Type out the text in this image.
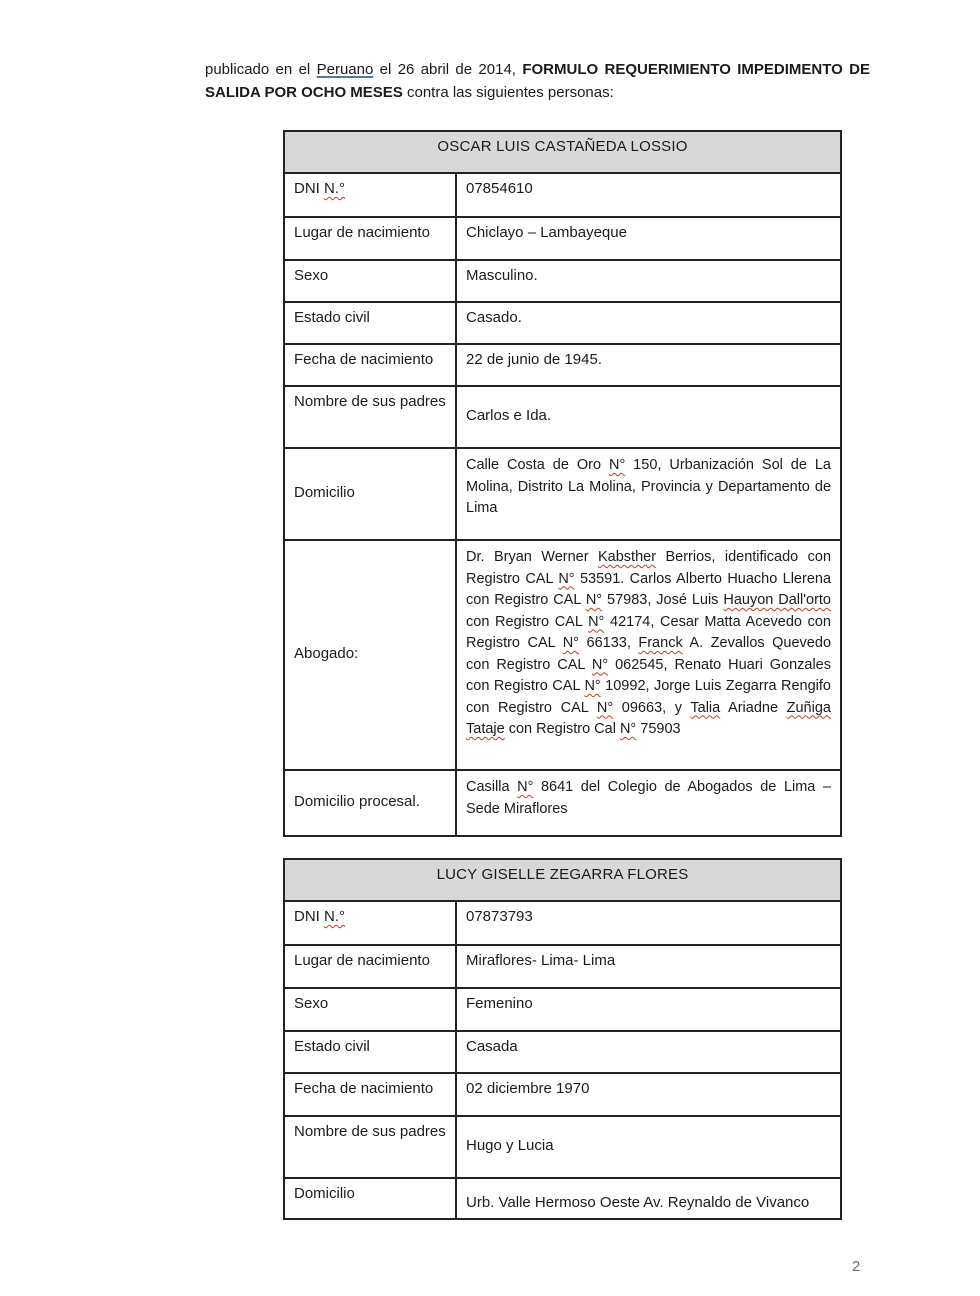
publicado en el Peruano el 26 abril de 2014, FORMULO REQUERIMIENTO IMPEDIMENTO DE SALIDA POR OCHO MESES contra las siguientes personas:

OSCAR LUIS CASTAÑEDA LOSSIO	
DNI N.°	07854610
Lugar de nacimiento	Chiclayo – Lambayeque
Sexo	Masculino.
Estado civil	Casado.
Fecha de nacimiento	22 de junio de 1945.
Nombre de sus padres	Carlos e Ida.
Domicilio	Calle Costa de Oro N° 150, Urbanización Sol de La Molina, Distrito La Molina, Provincia y Departamento de Lima
Abogado:	Dr. Bryan Werner Kabsther Berrios, identificado con Registro CAL N° 53591. Carlos Alberto Huacho Llerena con Registro CAL N° 57983, José Luis Hauyon Dall'orto con Registro CAL N° 42174, Cesar Matta Acevedo con Registro CAL N° 66133, Franck A. Zevallos Quevedo con Registro CAL N° 062545, Renato Huari Gonzales con Registro CAL N° 10992, Jorge Luis Zegarra Rengifo con Registro CAL N° 09663, y Talia Ariadne Zuñiga Tataje con Registro Cal N° 75903
Domicilio procesal.	Casilla N° 8641 del Colegio de Abogados de Lima – Sede Miraflores
LUCY GISELLE ZEGARRA FLORES	
DNI N.°	07873793
Lugar de nacimiento	Miraflores- Lima- Lima
Sexo	Femenino
Estado civil	Casada
Fecha de nacimiento	02 diciembre 1970
Nombre de sus padres	Hugo y Lucia
Domicilio	Urb. Valle Hermoso Oeste Av. Reynaldo de Vivanco
2
